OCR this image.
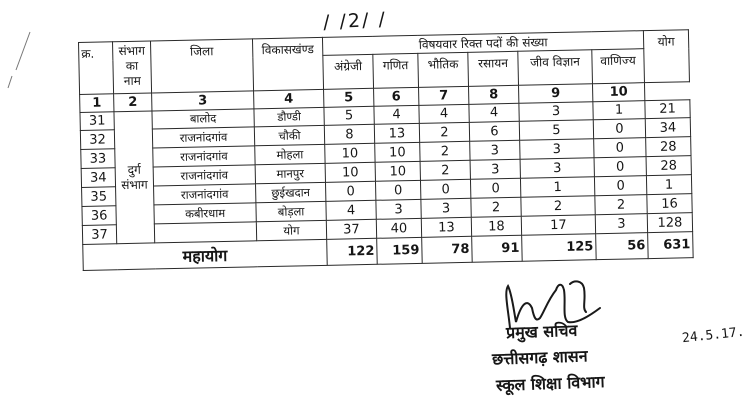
/ /2/ /
क्र.	संभाग का नाम	जिला	विकासखंण्ड	विषयवार रिक्त पदों की संख्या						योग
				अंग्रेजी	गणित	भौतिक	रसायन	जीव विज्ञान	वाणिज्य	
1	2	3	4	5	6	7	8	9	10	
31	दुर्ग संभाग	बालोद	डौण्डी	5	4	4	4	3	1	21
32		राजनांदगांव	चौकी	8	13	2	6	5	0	34
33		राजनांदगांव	मोहला	10	10	2	3	3	0	28
34		राजनांदगांव	मानपुर	10	10	2	3	3	0	28
35		राजनांदगांव	छुईखदान	0	0	0	0	1	0	1
36		कबीरधाम	बोड़ला	4	3	3	2	2	2	16
37			योग	37	40	13	18	17	3	128
महायोग				122	159	78	91	125	56	631
प्रमुख सचिव	24.5.17.
छत्तीसगढ़ शासन
स्कूल शिक्षा विभाग
